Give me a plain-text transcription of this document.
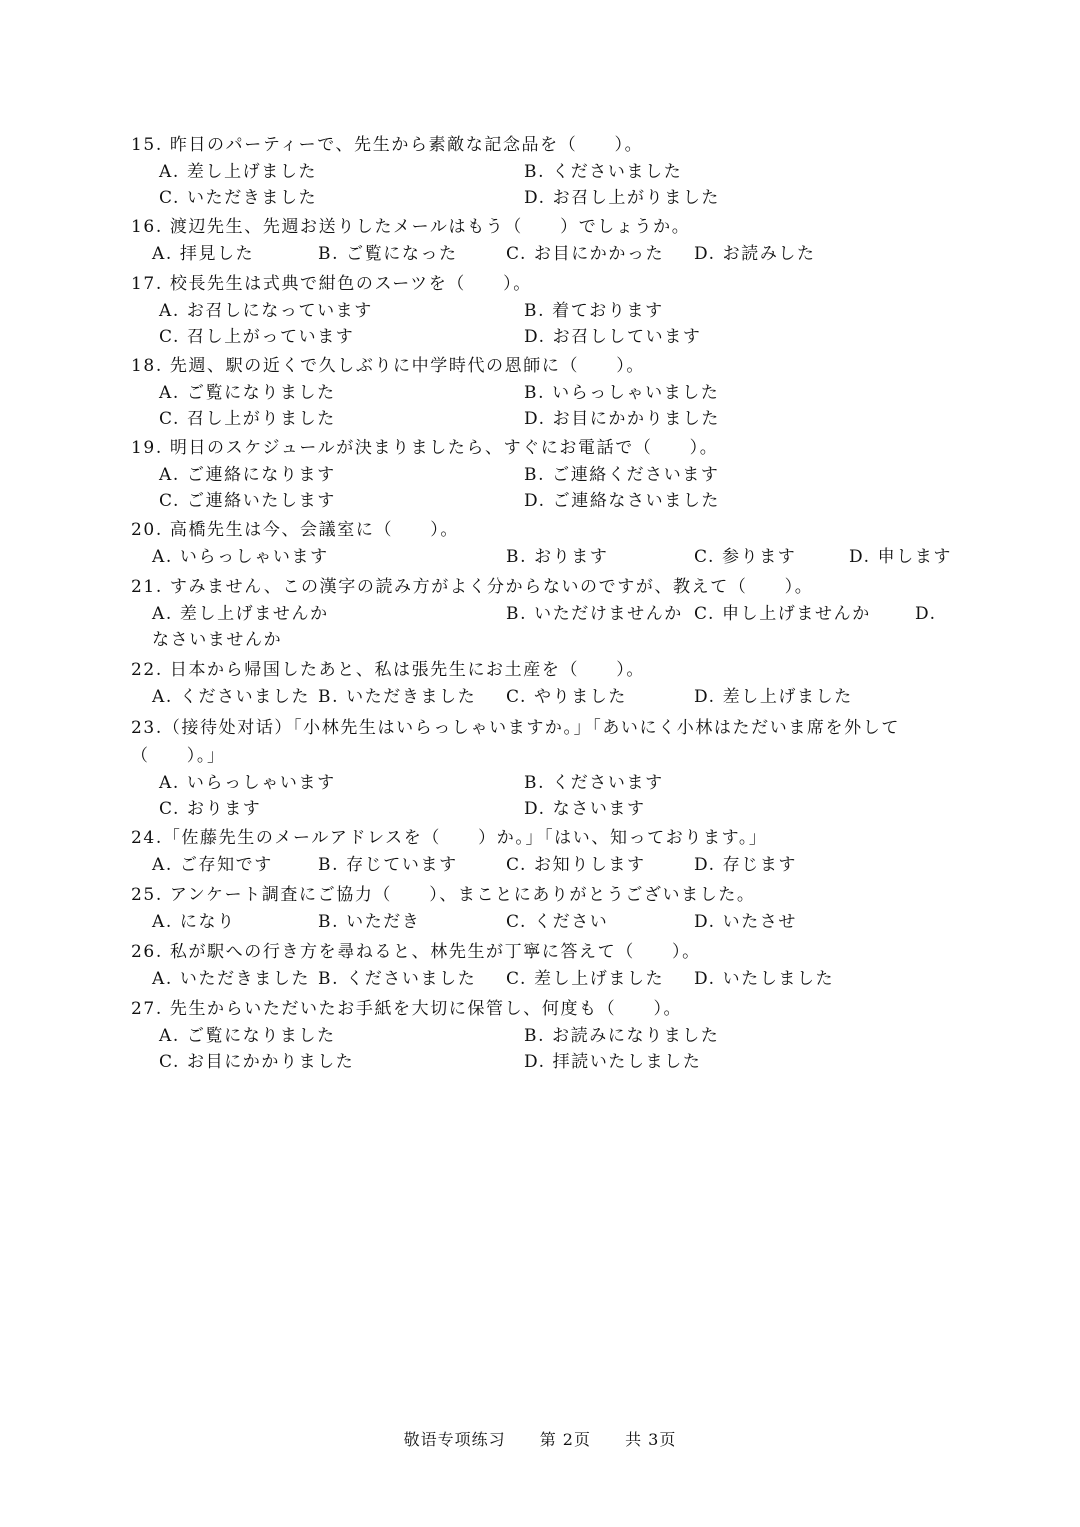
15. 昨日のパーティーで、先生から素敵な記念品を（　　）。
A. 差し上げました	B. くださいました
C. いただきました	D. お召し上がりました
16. 渡辺先生、先週お送りしたメールはもう（　　）でしょうか。
A. 拝見した	B. ご覧になった	C. お目にかかった D. お読みした
17. 校長先生は式典で紺色のスーツを（　　）。
A. お召しになっています	B. 着ております
C. 召し上がっています	D. お召ししています
18. 先週、駅の近くで久しぶりに中学時代の恩師に（　　）。
A. ご覧になりました	B. いらっしゃいました
C. 召し上がりました	D. お目にかかりました
19. 明日のスケジュールが決まりましたら、すぐにお電話で（　　）。
A. ご連絡になります	B. ご連絡くださいます
C. ご連絡いたします	D. ご連絡なさいました
20. 高橋先生は今、会議室に（　　）。
A. いらっしゃいます	B. おります	C. 参ります	D. 申します
21. すみません、この漢字の読み方がよく分からないのですが、教えて（　　）。
A. 差し上げませんか	B. いただけませんか C. 申し上げませんか	D.
なさいませんか
22. 日本から帰国したあと、私は張先生にお土産を（　　）。
A. くださいました B. いただきました C. やりました	D. 差し上げました
23.（接待处对话）「小林先生はいらっしゃいますか。」「あいにく小林はただいま席を外して
（　　）。」
A. いらっしゃいます	B. くださいます
C. おります	D. なさいます
24.「佐藤先生のメールアドレスを（　　）か。」「はい、知っております。」
A. ご存知です	B. 存じています	C. お知りします	D. 存じます
25. アンケート調査にご協力（　　）、まことにありがとうございました。
A. になり	B. いただき	C. ください	D. いたさせ
26. 私が駅への行き方を尋ねると、林先生が丁寧に答えて（　　）。
A. いただきました B. くださいました C. 差し上げました D. いたしました
27. 先生からいただいたお手紙を大切に保管し、何度も（　　）。
A. ご覧になりました	B. お読みになりました
C. お目にかかりました	D. 拝読いたしました
敬语专项练习 第 2页 共 3页
